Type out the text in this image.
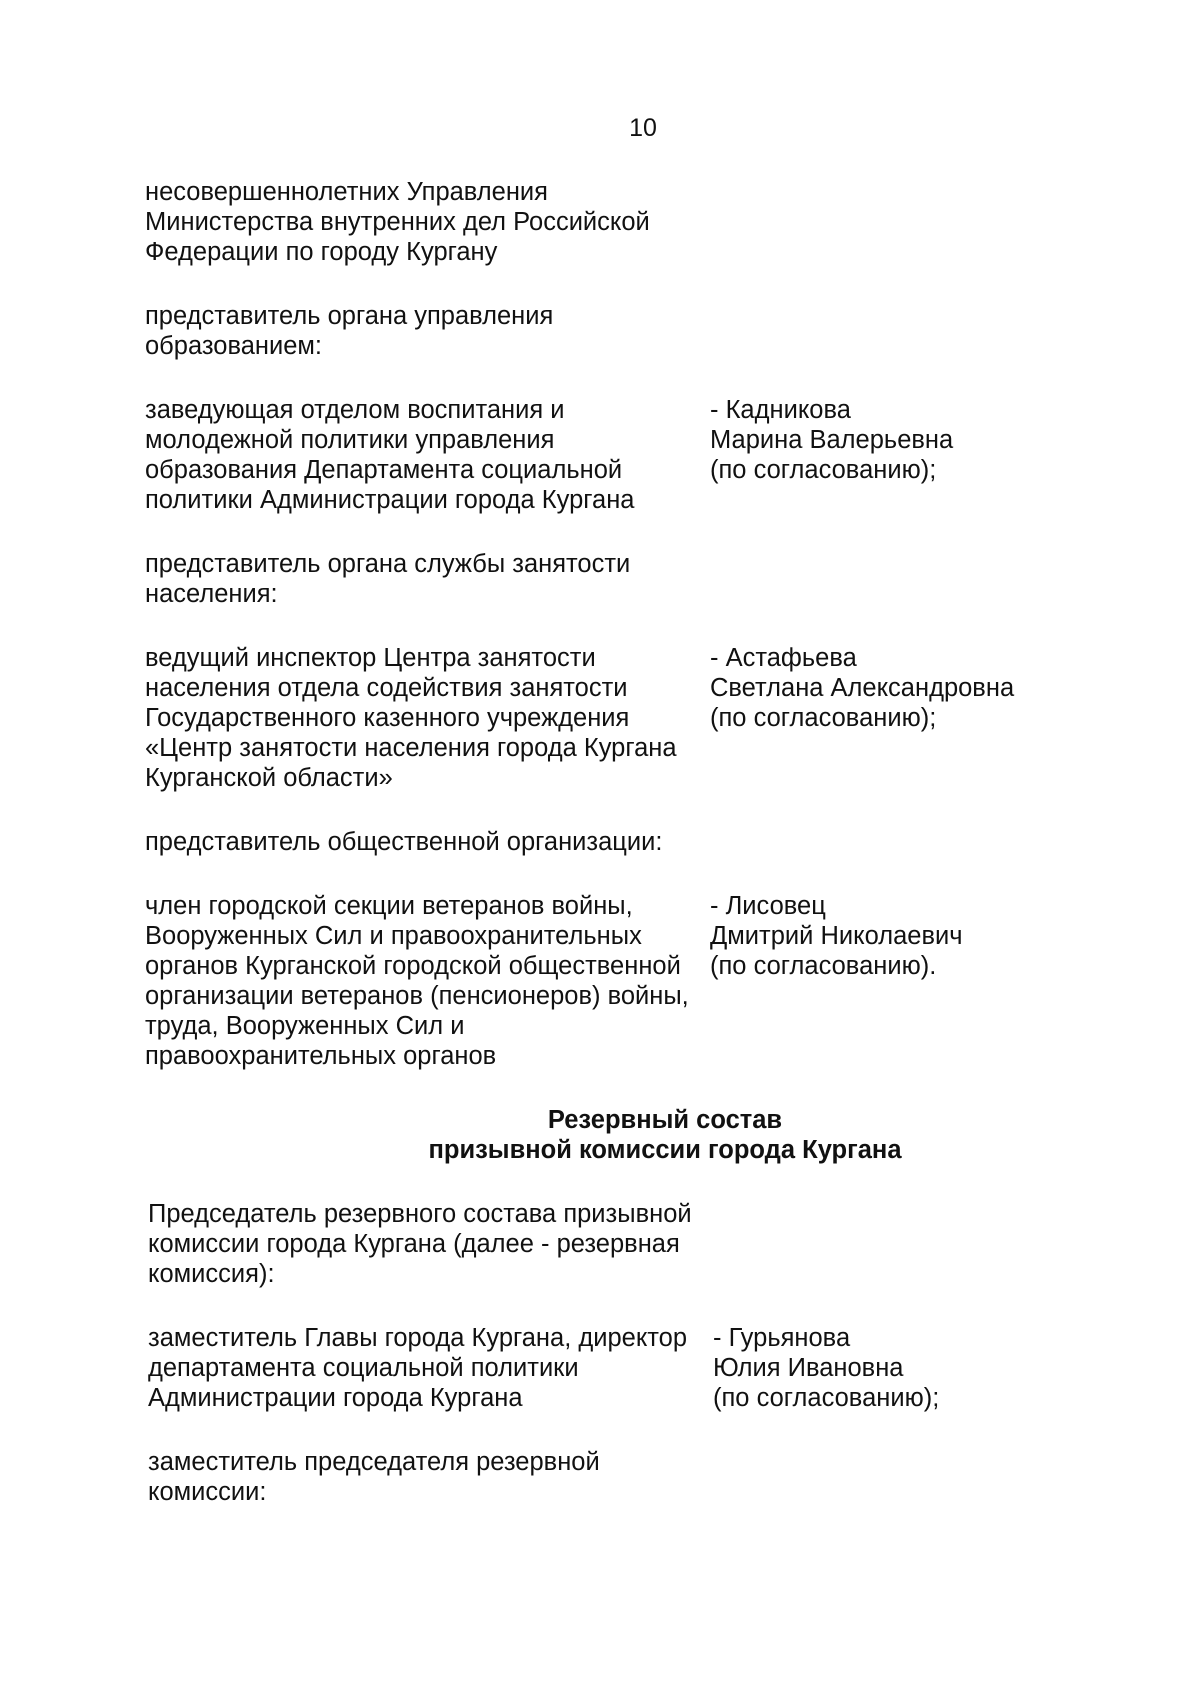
10
несовершеннолетних Управления
Министерства внутренних дел Российской
Федерации по городу Кургану
представитель органа управления
образованием:
заведующая отделом воспитания и
молодежной политики управления
образования Департамента социальной
политики Администрации города Кургана
- Кадникова
Марина Валерьевна
(по согласованию);
представитель органа службы занятости
населения:
ведущий инспектор Центра занятости
населения отдела содействия занятости
Государственного казенного учреждения
«Центр занятости населения города Кургана
Курганской области»
- Астафьева
Светлана Александровна
(по согласованию);
представитель общественной организации:
член городской секции ветеранов войны,
Вооруженных Сил и правоохранительных
органов Курганской городской общественной
организации ветеранов (пенсионеров) войны,
труда, Вооруженных Сил и
правоохранительных органов
- Лисовец
Дмитрий Николаевич
(по согласованию).
Резервный состав
призывной комиссии города Кургана
Председатель резервного состава призывной
комиссии города Кургана (далее - резервная
комиссия):
заместитель Главы города Кургана, директор
департамента социальной политики
Администрации города Кургана
- Гурьянова
Юлия Ивановна
(по согласованию);
заместитель председателя резервной
комиссии:
